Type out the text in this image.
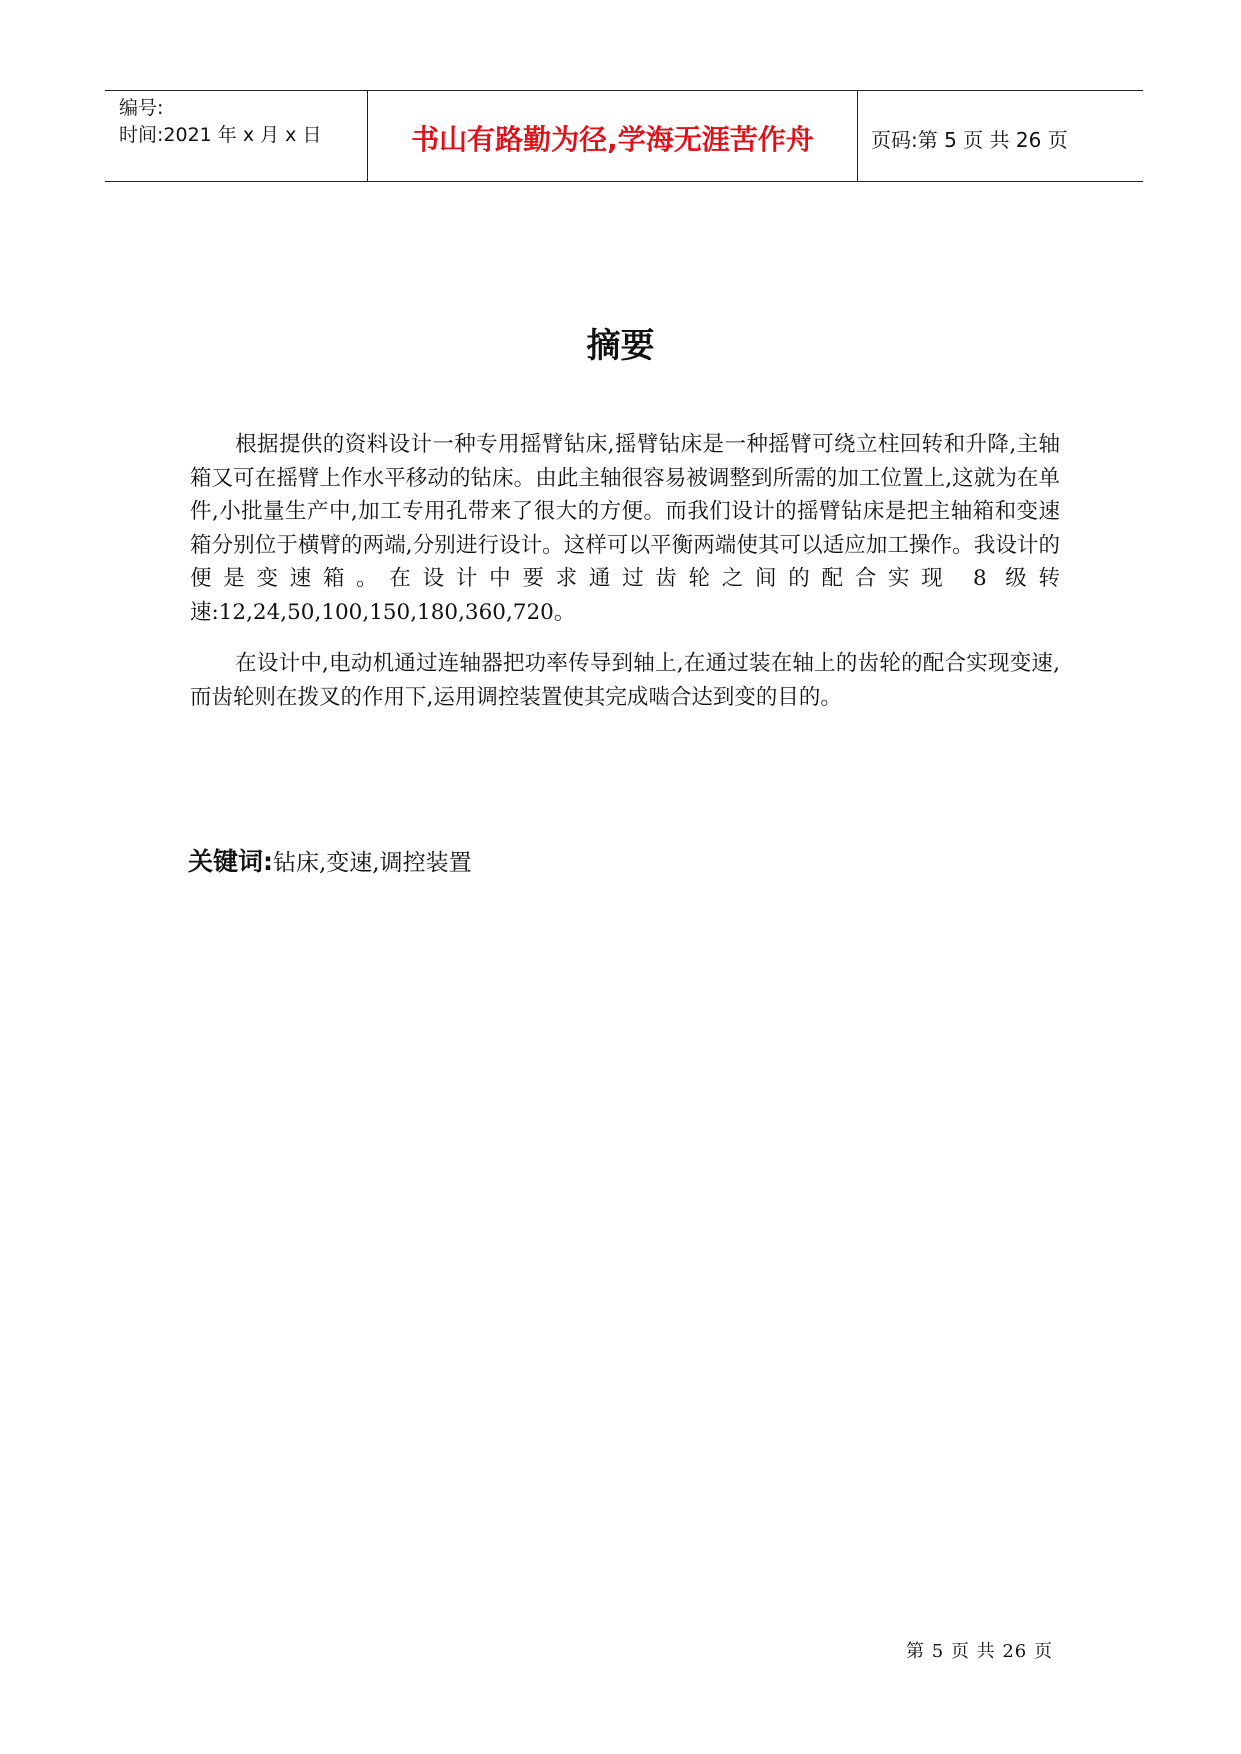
编号:
时间:2021 年 x 月 x 日	书山有路勤为径,学海无涯苦作舟	页码:第 5 页 共 26 页
摘要

根据提供的资料设计一种专用摇臂钻床,摇臂钻床是一种摇臂可绕立柱回转和升降,主轴箱又可在摇臂上作水平移动的钻床。由此主轴很容易被调整到所需的加工位置上,这就为在单件,小批量生产中,加工专用孔带来了很大的方便。而我们设计的摇臂钻床是把主轴箱和变速箱分别位于横臂的两端,分别进行设计。这样可以平衡两端使其可以适应加工操作。我设计的便是变速箱。在设计中要求通过齿轮之间的配合实现 8 级转速:12,24,50,100,150,180,360,720。

在设计中,电动机通过连轴器把功率传导到轴上,在通过装在轴上的齿轮的配合实现变速,而齿轮则在拨叉的作用下,运用调控装置使其完成啮合达到变的目的。

关键词:钻床,变速,调控装置
第 5 页 共 26 页
